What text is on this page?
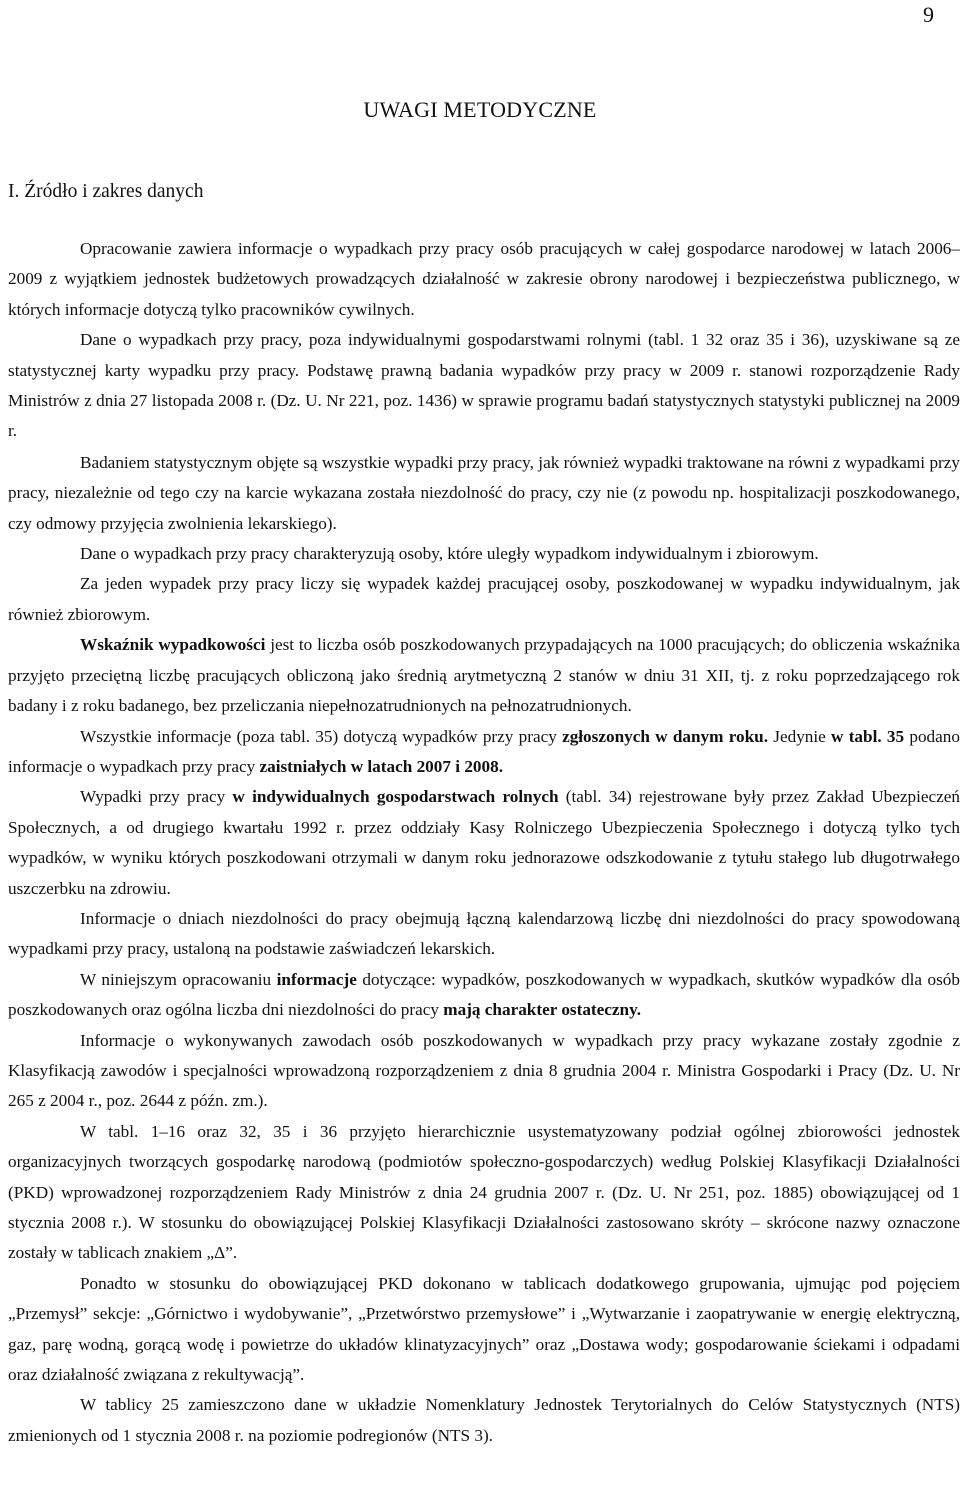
9
UWAGI METODYCZNE
I. Źródło i zakres danych

Opracowanie zawiera informacje o wypadkach przy pracy osób pracujących w całej gospodarce narodowej w latach 2006–2009 z wyjątkiem jednostek budżetowych prowadzących działalność w zakresie obrony narodowej i bezpieczeństwa publicznego, w których informacje dotyczą tylko pracowników cywilnych.

Dane o wypadkach przy pracy, poza indywidualnymi gospodarstwami rolnymi (tabl. 1 32 oraz 35 i 36), uzyskiwane są ze statystycznej karty wypadku przy pracy. Podstawę prawną badania wypadków przy pracy w 2009 r. stanowi rozporządzenie Rady Ministrów z dnia 27 listopada 2008 r. (Dz. U. Nr 221, poz. 1436) w sprawie programu badań statystycznych statystyki publicznej na 2009 r.

Badaniem statystycznym objęte są wszystkie wypadki przy pracy, jak również wypadki traktowane na równi z wypadkami przy pracy, niezależnie od tego czy na karcie wykazana została niezdolność do pracy, czy nie (z powodu np. hospitalizacji poszkodowanego, czy odmowy przyjęcia zwolnienia lekarskiego).

Dane o wypadkach przy pracy charakteryzują osoby, które uległy wypadkom indywidualnym i zbiorowym.

Za jeden wypadek przy pracy liczy się wypadek każdej pracującej osoby, poszkodowanej w wypadku indywidualnym, jak również zbiorowym.

Wskaźnik wypadkowości jest to liczba osób poszkodowanych przypadających na 1000 pracujących; do obliczenia wskaźnika przyjęto przeciętną liczbę pracujących obliczoną jako średnią arytmetyczną 2 stanów w dniu 31 XII, tj. z roku poprzedzającego rok badany i z roku badanego, bez przeliczania niepełnozatrudnionych na pełnozatrudnionych.

Wszystkie informacje (poza tabl. 35) dotyczą wypadków przy pracy zgłoszonych w danym roku. Jedynie w tabl. 35 podano informacje o wypadkach przy pracy zaistniałych w latach 2007 i 2008.

Wypadki przy pracy w indywidualnych gospodarstwach rolnych (tabl. 34) rejestrowane były przez Zakład Ubezpieczeń Społecznych, a od drugiego kwartału 1992 r. przez oddziały Kasy Rolniczego Ubezpieczenia Społecznego i dotyczą tylko tych wypadków, w wyniku których poszkodowani otrzymali w danym roku jednorazowe odszkodowanie z tytułu stałego lub długotrwałego uszczerbku na zdrowiu.

Informacje o dniach niezdolności do pracy obejmują łączną kalendarzową liczbę dni niezdolności do pracy spowodowaną wypadkami przy pracy, ustaloną na podstawie zaświadczeń lekarskich.

W niniejszym opracowaniu informacje dotyczące: wypadków, poszkodowanych w wypadkach, skutków wypadków dla osób poszkodowanych oraz ogólna liczba dni niezdolności do pracy mają charakter ostateczny.

Informacje o wykonywanych zawodach osób poszkodowanych w wypadkach przy pracy wykazane zostały zgodnie z Klasyfikacją zawodów i specjalności wprowadzoną rozporządzeniem z dnia 8 grudnia 2004 r. Ministra Gospodarki i Pracy (Dz. U. Nr 265 z 2004 r., poz. 2644 z późn. zm.).

W tabl. 1–16 oraz 32, 35 i 36 przyjęto hierarchicznie usystematyzowany podział ogólnej zbiorowości jednostek organizacyjnych tworzących gospodarkę narodową (podmiotów społeczno-gospodarczych) według Polskiej Klasyfikacji Działalności (PKD) wprowadzonej rozporządzeniem Rady Ministrów z dnia 24 grudnia 2007 r. (Dz. U. Nr 251, poz. 1885) obowiązującej od 1 stycznia 2008 r.). W stosunku do obowiązującej Polskiej Klasyfikacji Działalności zastosowano skróty – skrócone nazwy oznaczone zostały w tablicach znakiem „Δ”.

Ponadto w stosunku do obowiązującej PKD dokonano w tablicach dodatkowego grupowania, ujmując pod pojęciem „Przemysł” sekcje: „Górnictwo i wydobywanie”, „Przetwórstwo przemysłowe” i „Wytwarzanie i zaopatrywanie w energię elektryczną, gaz, parę wodną, gorącą wodę i powietrze do układów klinatyzacyjnych” oraz „Dostawa wody; gospodarowanie ściekami i odpadami oraz działalność związana z rekultywacją”.

W tablicy 25 zamieszczono dane w układzie Nomenklatury Jednostek Terytorialnych do Celów Statystycznych (NTS) zmienionych od 1 stycznia 2008 r. na poziomie podregionów (NTS 3).
